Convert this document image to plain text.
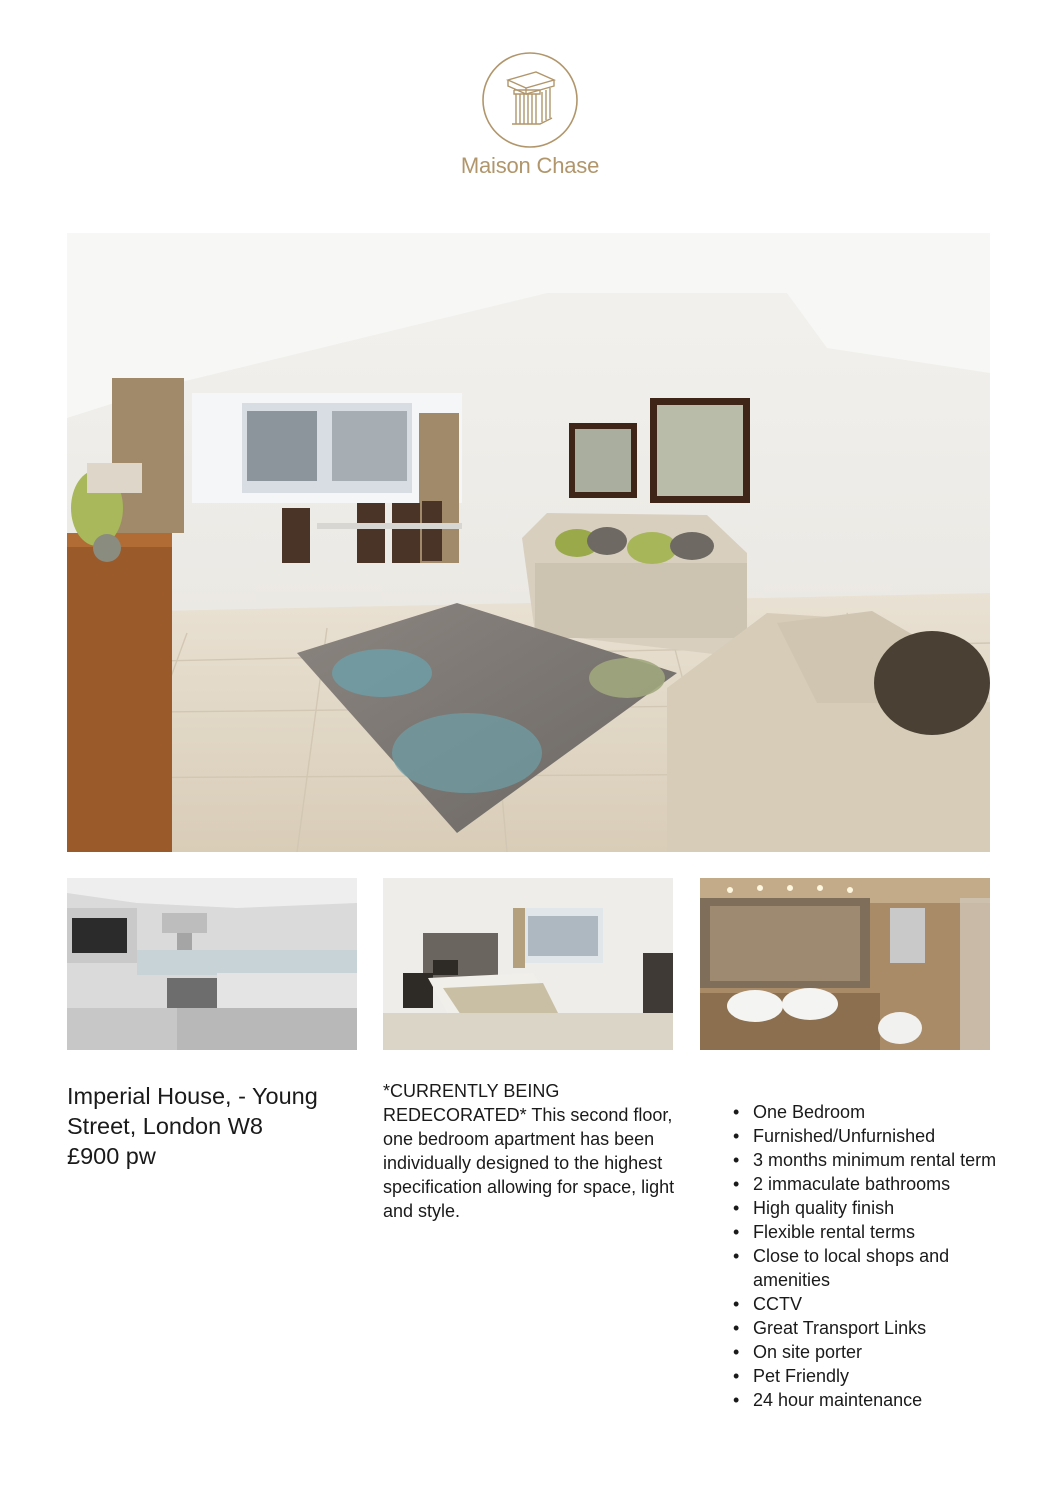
Maison Chase
Imperial House, - Young
Street, London W8
£900 pw
*CURRENTLY BEING REDECORATED* This second floor, one bedroom apartment has been individually designed to the highest specification allowing for space, light and style.
• One Bedroom
• Furnished/Unfurnished
• 3 months minimum rental term
• 2 immaculate bathrooms
• High quality finish
• Flexible rental terms
• Close to local shops and amenities
• CCTV
• Great Transport Links
• On site porter
• Pet Friendly
• 24 hour maintenance
